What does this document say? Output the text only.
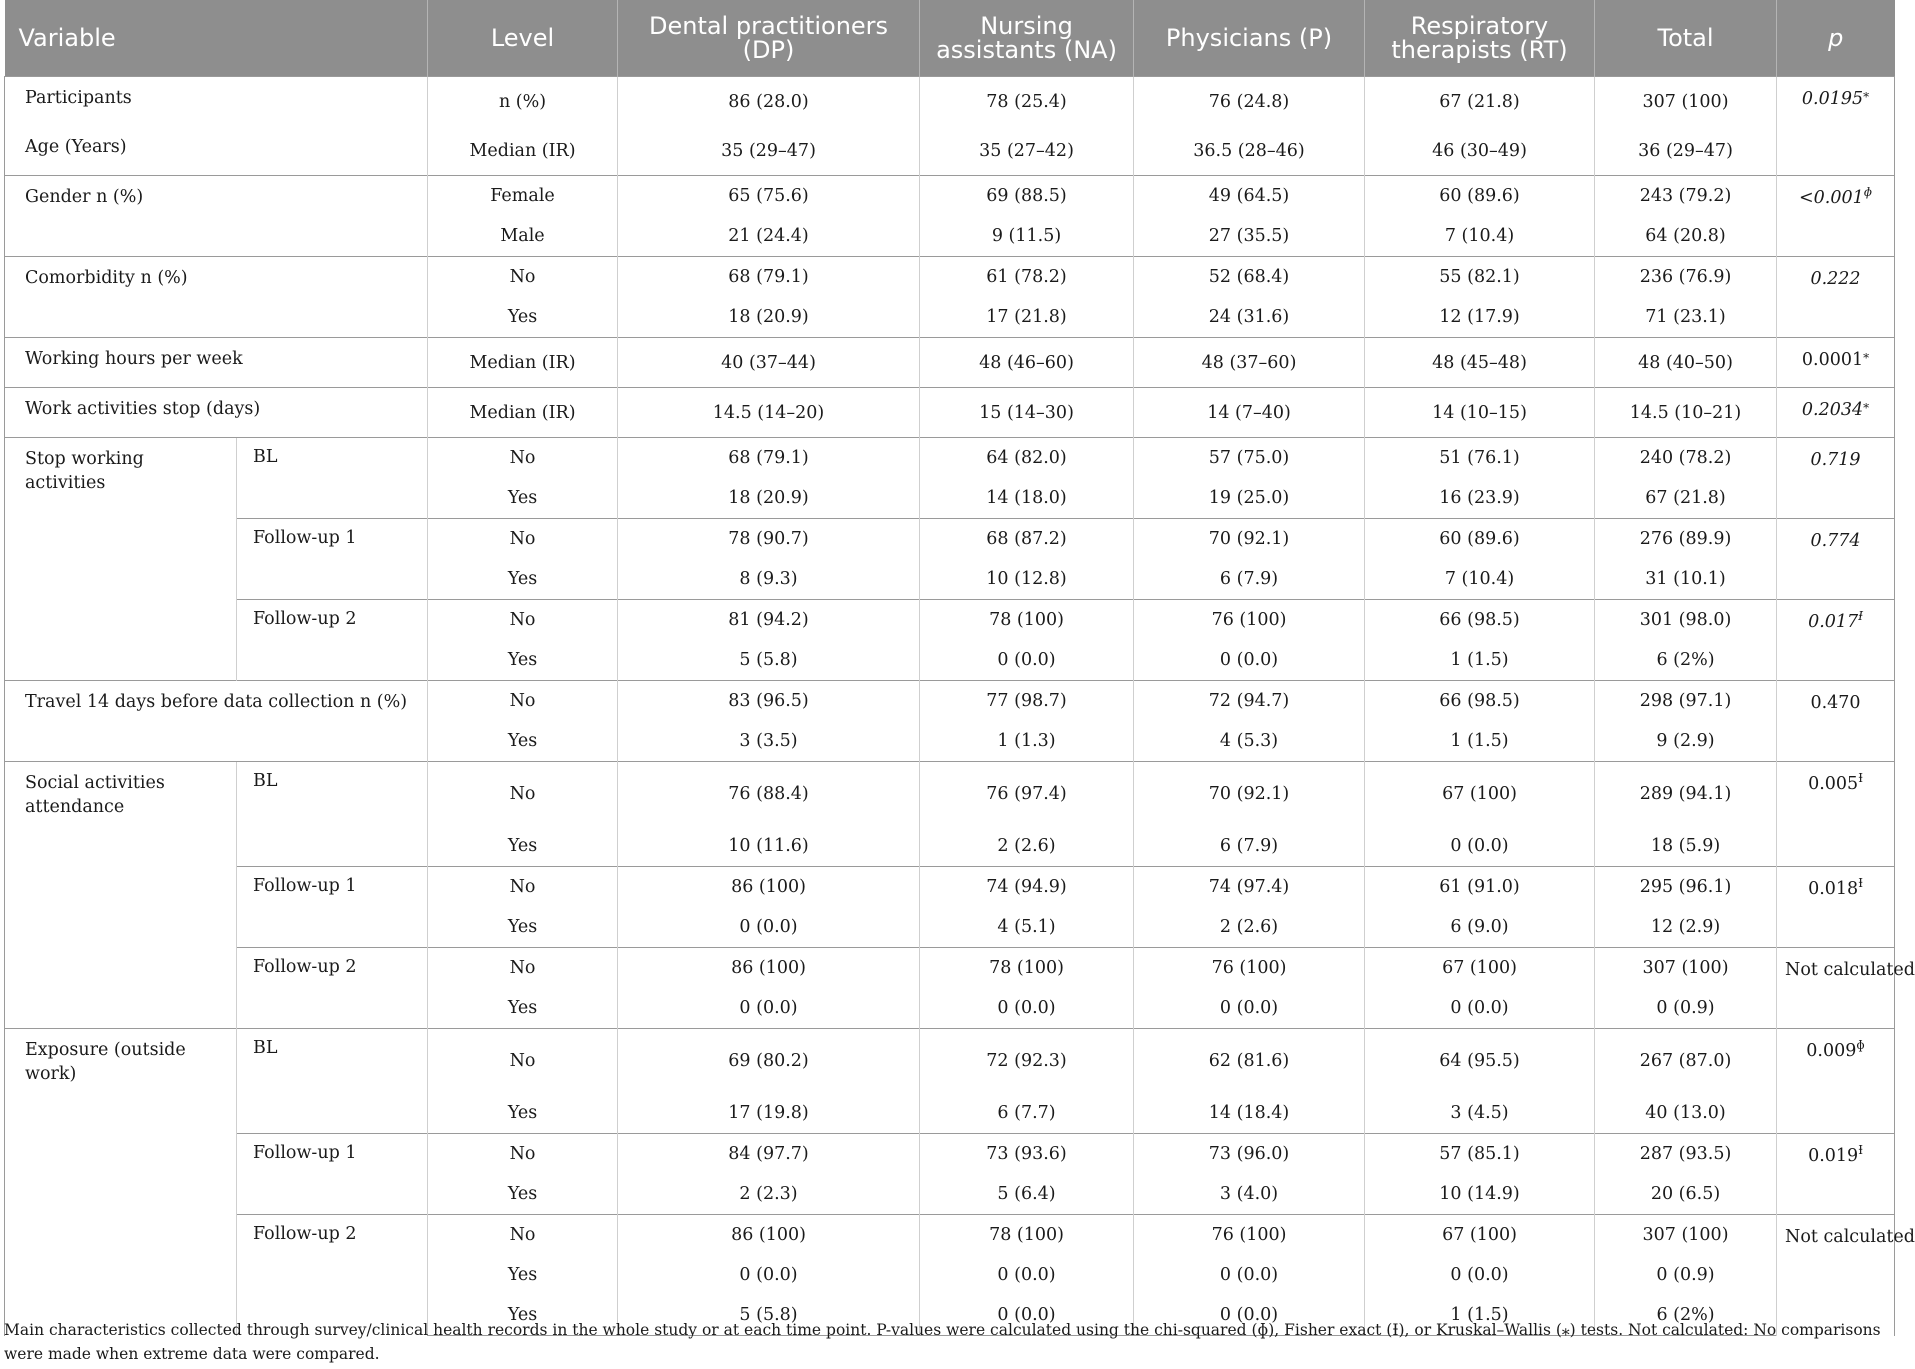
Variable		Level	Dental practitioners (DP)	Nursing assistants (NA)	Physicians (P)	Respiratory therapists (RT)	Total	p
Participants		n (%)	86 (28.0)	78 (25.4)	76 (24.8)	67 (21.8)	307 (100)	0.0195⁎
Age (Years)		Median (IR)	35 (29–47)	35 (27–42)	36.5 (28–46)	46 (30–49)	36 (29–47)	
Gender n (%)		Female	65 (75.6)	69 (88.5)	49 (64.5)	60 (89.6)	243 (79.2)	$<0.001^ɸ$
		Male	21 (24.4)	9 (11.5)	27 (35.5)	7 (10.4)	64 (20.8)	
Comorbidity n (%)		No	68 (79.1)	61 (78.2)	52 (68.4)	55 (82.1)	236 (76.9)	0.222
		Yes	18 (20.9)	17 (21.8)	24 (31.6)	12 (17.9)	71 (23.1)	
Working hours per week		Median (IR)	40 (37–44)	48 (46–60)	48 (37–60)	48 (45–48)	48 (40–50)	0.0001⁎
Work activities stop (days)		Median (IR)	14.5 (14–20)	15 (14–30)	14 (7–40)	14 (10–15)	14.5 (10–21)	0.2034⁎
Stop working activities	BL	No	68 (79.1)	64 (82.0)	57 (75.0)	51 (76.1)	240 (78.2)	0.719
		Yes	18 (20.9)	14 (18.0)	19 (25.0)	16 (23.9)	67 (21.8)	
	Follow-up 1	No	78 (90.7)	68 (87.2)	70 (92.1)	60 (89.6)	276 (89.9)	0.774
		Yes	8 (9.3)	10 (12.8)	6 (7.9)	7 (10.4)	31 (10.1)	
	Follow-up 2	No	81 (94.2)	78 (100)	76 (100)	66 (98.5)	301 (98.0)	$0.017^Ɨ$
		Yes	5 (5.8)	0 (0.0)	0 (0.0)	1 (1.5)	6 (2%)	
Travel 14 days before data collection n (%)		No	83 (96.5)	77 (98.7)	72 (94.7)	66 (98.5)	298 (97.1)	0.470
		Yes	3 (3.5)	1 (1.3)	4 (5.3)	1 (1.5)	9 (2.9)	
Social activities attendance	BL	No	76 (88.4)	76 (97.4)	70 (92.1)	67 (100)	289 (94.1)	$0.005^Ɨ$
		Yes	10 (11.6)	2 (2.6)	6 (7.9)	0 (0.0)	18 (5.9)	
	Follow-up 1	No	86 (100)	74 (94.9)	74 (97.4)	61 (91.0)	295 (96.1)	$0.018^Ɨ$
		Yes	0 (0.0)	4 (5.1)	2 (2.6)	6 (9.0)	12 (2.9)	
	Follow-up 2	No	86 (100)	78 (100)	76 (100)	67 (100)	307 (100)	Not calculated
		Yes	0 (0.0)	0 (0.0)	0 (0.0)	0 (0.0)	0 (0.9)	
Exposure (outside work)	BL	No	69 (80.2)	72 (92.3)	62 (81.6)	64 (95.5)	267 (87.0)	$0.009^ɸ$
		Yes	17 (19.8)	6 (7.7)	14 (18.4)	3 (4.5)	40 (13.0)	
	Follow-up 1	No	84 (97.7)	73 (93.6)	73 (96.0)	57 (85.1)	287 (93.5)	$0.019^Ɨ$
		Yes	2 (2.3)	5 (6.4)	3 (4.0)	10 (14.9)	20 (6.5)	
	Follow-up 2	No	86 (100)	78 (100)	76 (100)	67 (100)	307 (100)	Not calculated
		Yes	0 (0.0)	0 (0.0)	0 (0.0)	0 (0.0)	0 (0.9)	
		Yes	5 (5.8)	0 (0.0)	0 (0.0)	1 (1.5)	6 (2%)	
Main characteristics collected through survey/clinical health records in the whole study or at each time point. P-values were calculated using the chi-squared (ɸ), Fisher exact (Ɨ), or Kruskal–Wallis (⁎) tests. Not calculated: No comparisons were made when extreme data were compared.
